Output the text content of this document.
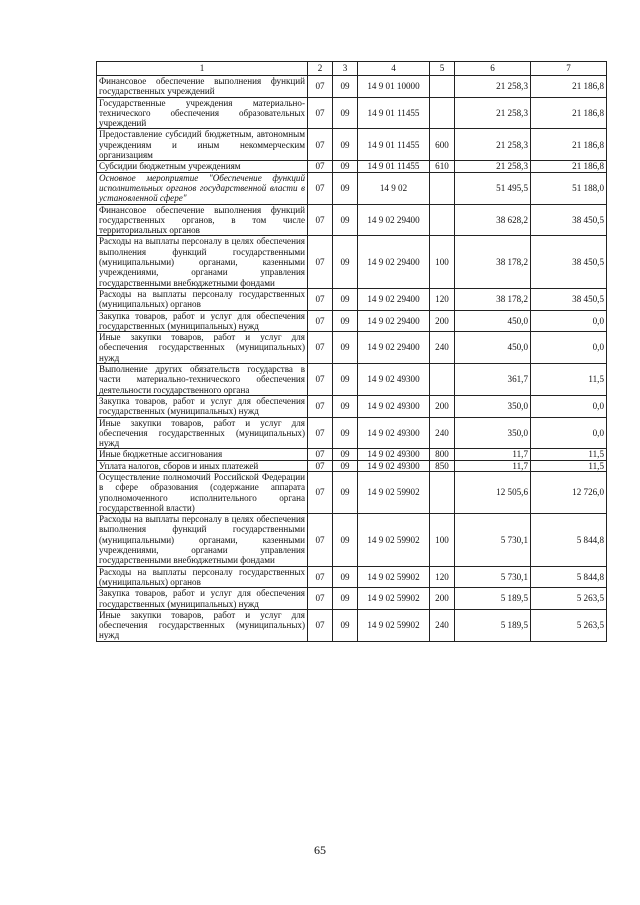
1	2	3	4	5	6	7
Финансовое обеспечение выполнения функций государственных учреждений	07	09	14 9 01 10000		21 258,3	21 186,8
Государственные учреждения материально-технического обеспечения образовательных учреждений	07	09	14 9 01 11455		21 258,3	21 186,8
Предоставление субсидий бюджетным, автономным учреждениям и иным некоммерческим организациям	07	09	14 9 01 11455	600	21 258,3	21 186,8
Субсидии бюджетным учреждениям	07	09	14 9 01 11455	610	21 258,3	21 186,8
Основное мероприятие "Обеспечение функций исполнительных органов государственной власти в установленной сфере"	07	09	14 9 02		51 495,5	51 188,0
Финансовое обеспечение выполнения функций государственных органов, в том числе территориальных органов	07	09	14 9 02 29400		38 628,2	38 450,5
Расходы на выплаты персоналу в целях обеспечения выполнения функций государственными (муниципальными) органами, казенными учреждениями, органами управления государственными внебюджетными фондами	07	09	14 9 02 29400	100	38 178,2	38 450,5
Расходы на выплаты персоналу государственных (муниципальных) органов	07	09	14 9 02 29400	120	38 178,2	38 450,5
Закупка товаров, работ и услуг для обеспечения государственных (муниципальных) нужд	07	09	14 9 02 29400	200	450,0	0,0
Иные закупки товаров, работ и услуг для обеспечения государственных (муниципальных) нужд	07	09	14 9 02 29400	240	450,0	0,0
Выполнение других обязательств государства в части материально-технического обеспечения деятельности государственного органа	07	09	14 9 02 49300		361,7	11,5
Закупка товаров, работ и услуг для обеспечения государственных (муниципальных) нужд	07	09	14 9 02 49300	200	350,0	0,0
Иные закупки товаров, работ и услуг для обеспечения государственных (муниципальных) нужд	07	09	14 9 02 49300	240	350,0	0,0
Иные бюджетные ассигнования	07	09	14 9 02 49300	800	11,7	11,5
Уплата налогов, сборов и иных платежей	07	09	14 9 02 49300	850	11,7	11,5
Осуществление полномочий Российской Федерации в сфере образования (содержание аппарата уполномоченного исполнительного органа государственной власти)	07	09	14 9 02 59902		12 505,6	12 726,0
Расходы на выплаты персоналу в целях обеспечения выполнения функций государственными (муниципальными) органами, казенными учреждениями, органами управления государственными внебюджетными фондами	07	09	14 9 02 59902	100	5 730,1	5 844,8
Расходы на выплаты персоналу государственных (муниципальных) органов	07	09	14 9 02 59902	120	5 730,1	5 844,8
Закупка товаров, работ и услуг для обеспечения государственных (муниципальных) нужд	07	09	14 9 02 59902	200	5 189,5	5 263,5
Иные закупки товаров, работ и услуг для обеспечения государственных (муниципальных) нужд	07	09	14 9 02 59902	240	5 189,5	5 263,5
65
